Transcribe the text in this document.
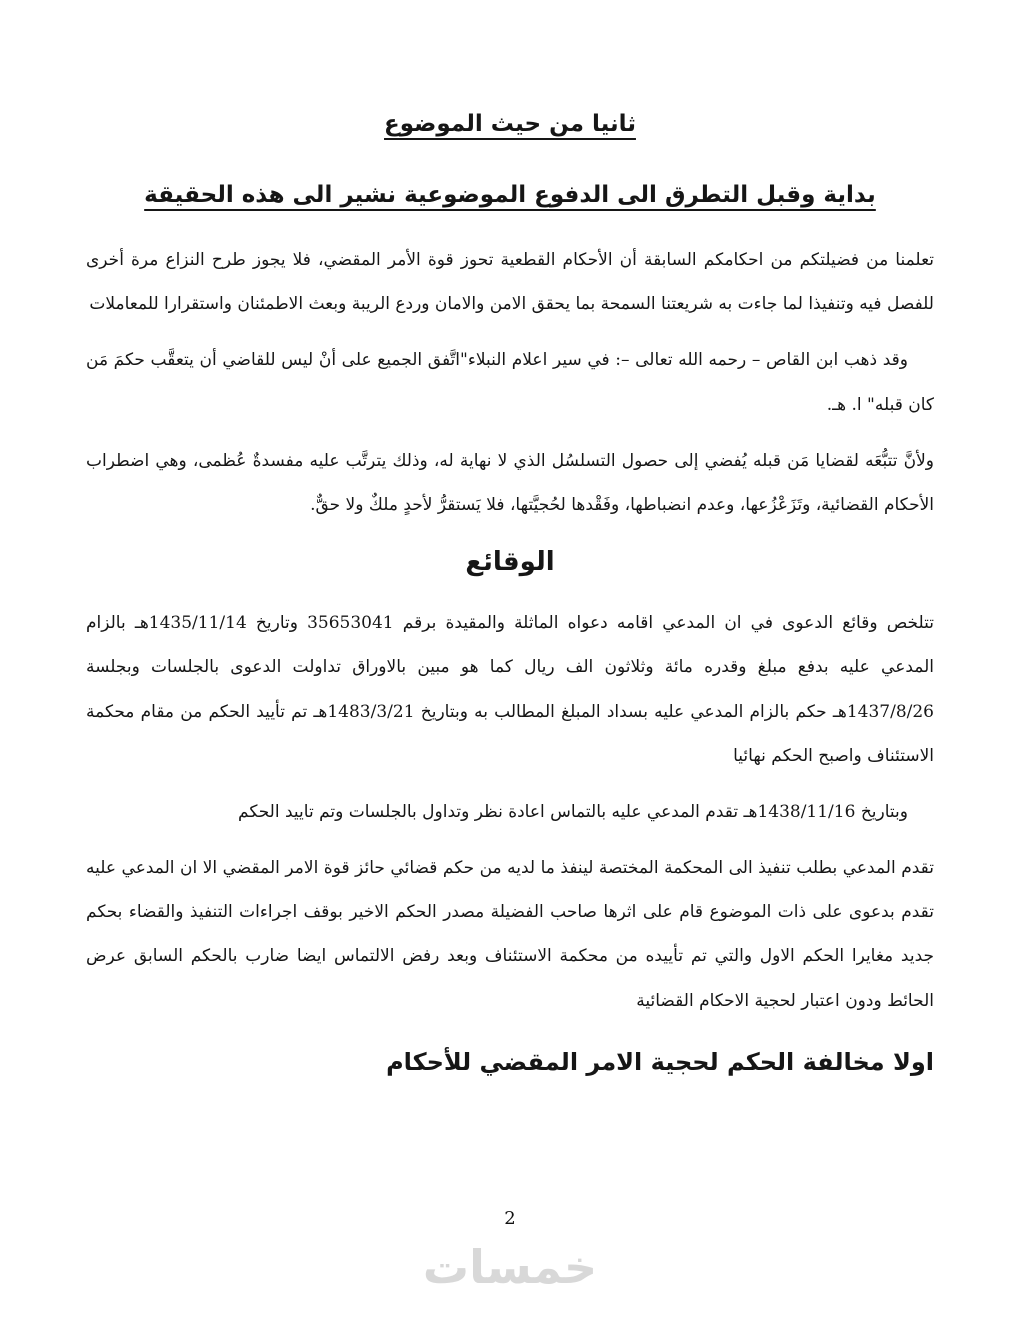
ثانيا من حيث الموضوع
بداية وقبل التطرق الى الدفوع الموضوعية نشير الى هذه الحقيقة

تعلمنا من فضيلتكم من احكامكم السابقة أن الأحكام القطعية تحوز قوة الأمر المقضي، فلا يجوز طرح النزاع مرة أخرى للفصل فيه وتنفيذا لما جاءت به شريعتنا السمحة بما يحقق الامن والامان وردع الريبة وبعث الاطمئنان واستقرارا للمعاملات

وقد ذهب ابن القاص – رحمه الله تعالى –: في سير اعلام النبلاء"اتَّفق الجميع على أنْ ليس للقاضي أن يتعقَّب حكمَ مَن كان قبله" ا. هـ.

ولأنَّ تتبُّعَه لقضايا مَن قبله يُفضي إلى حصول التسلسُل الذي لا نهاية له، وذلك يترتَّب عليه مفسدةٌ عُظمى، وهي اضطراب الأحكام القضائية، وتَزَعْزُعها، وعدم انضباطها، وفَقْدها لحُجيَّتها، فلا يَستقرُّ لأحدٍ ملكٌ ولا حقٌّ.

الوقائع

تتلخص وقائع الدعوى في ان المدعي اقامه دعواه الماثلة والمقيدة برقم 35653041 وتاريخ 1435/11/14هـ بالزام المدعي عليه بدفع مبلغ وقدره مائة وثلاثون الف ريال كما هو مبين بالاوراق تداولت الدعوى بالجلسات وبجلسة 1437/8/26هـ حكم بالزام المدعي عليه بسداد المبلغ المطالب به وبتاريخ 1483/3/21هـ تم تأييد الحكم من مقام محكمة الاستئناف واصبح الحكم نهائيا

وبتاريخ 1438/11/16هـ تقدم المدعي عليه بالتماس اعادة نظر وتداول بالجلسات وتم تاييد الحكم

تقدم المدعي بطلب تنفيذ الى المحكمة المختصة لينفذ ما لديه من حكم قضائي حائز قوة الامر المقضي الا ان المدعي عليه تقدم بدعوى على ذات الموضوع قام على اثرها صاحب الفضيلة مصدر الحكم الاخير بوقف اجراءات التنفيذ والقضاء بحكم جديد مغايرا الحكم الاول والتي تم تأييده من محكمة الاستئناف وبعد رفض الالتماس ايضا ضارب بالحكم السابق عرض الحائط ودون اعتبار لحجية الاحكام القضائية

اولا مخالفة الحكم لحجية الامر المقضي للأحكام
2
خمسات
